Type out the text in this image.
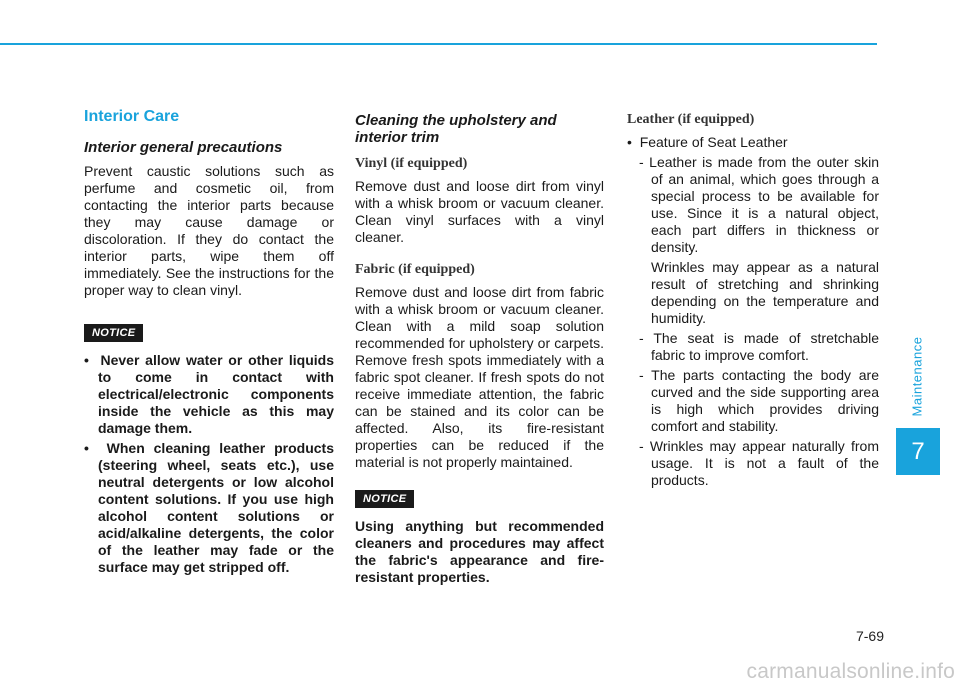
Maintenance
7
Interior Care
Interior general precautions

Prevent caustic solutions such as perfume and cosmetic oil, from contacting the interior parts because they may cause damage or discoloration. If they do contact the interior parts, wipe them off immediately. See the instructions for the proper way to clean vinyl.

NOTICE
•  Never allow water or other liquids to come in contact with electrical/electronic components inside the vehicle as this may damage them.
•  When cleaning leather products (steering wheel, seats etc.), use neutral detergents or low alcohol content solutions. If you use high alcohol content solutions or acid/alkaline detergents, the color of the leather may fade or the surface may get stripped off.
Cleaning the upholstery and interior trim
Vinyl (if equipped)

Remove dust and loose dirt from vinyl with a whisk broom or vacuum cleaner. Clean vinyl surfaces with a vinyl cleaner.

Fabric (if equipped)

Remove dust and loose dirt from fabric with a whisk broom or vacuum cleaner. Clean with a mild soap solution recommended for upholstery or carpets. Remove fresh spots immediately with a fabric spot cleaner. If fresh spots do not receive immediate attention, the fabric can be stained and its color can be affected. Also, its fire-resistant properties can be reduced if the material is not properly maintained.

NOTICE

Using anything but recommended cleaners and procedures may affect the fabric's appearance and fire-resistant properties.

Leather (if equipped)
•  Feature of Seat Leather
- Leather is made from the outer skin of an animal, which goes through a special process to be available for use. Since it is a natural object, each part differs in thickness or density.
Wrinkles may appear as a natural result of stretching and shrinking depending on the temperature and humidity.
- The seat is made of stretchable fabric to improve comfort.
- The parts contacting the body are curved and the side supporting area is high which provides driving comfort and stability.
- Wrinkles may appear naturally from usage. It is not a fault of the products.
7-69
carmanualsonline.info
